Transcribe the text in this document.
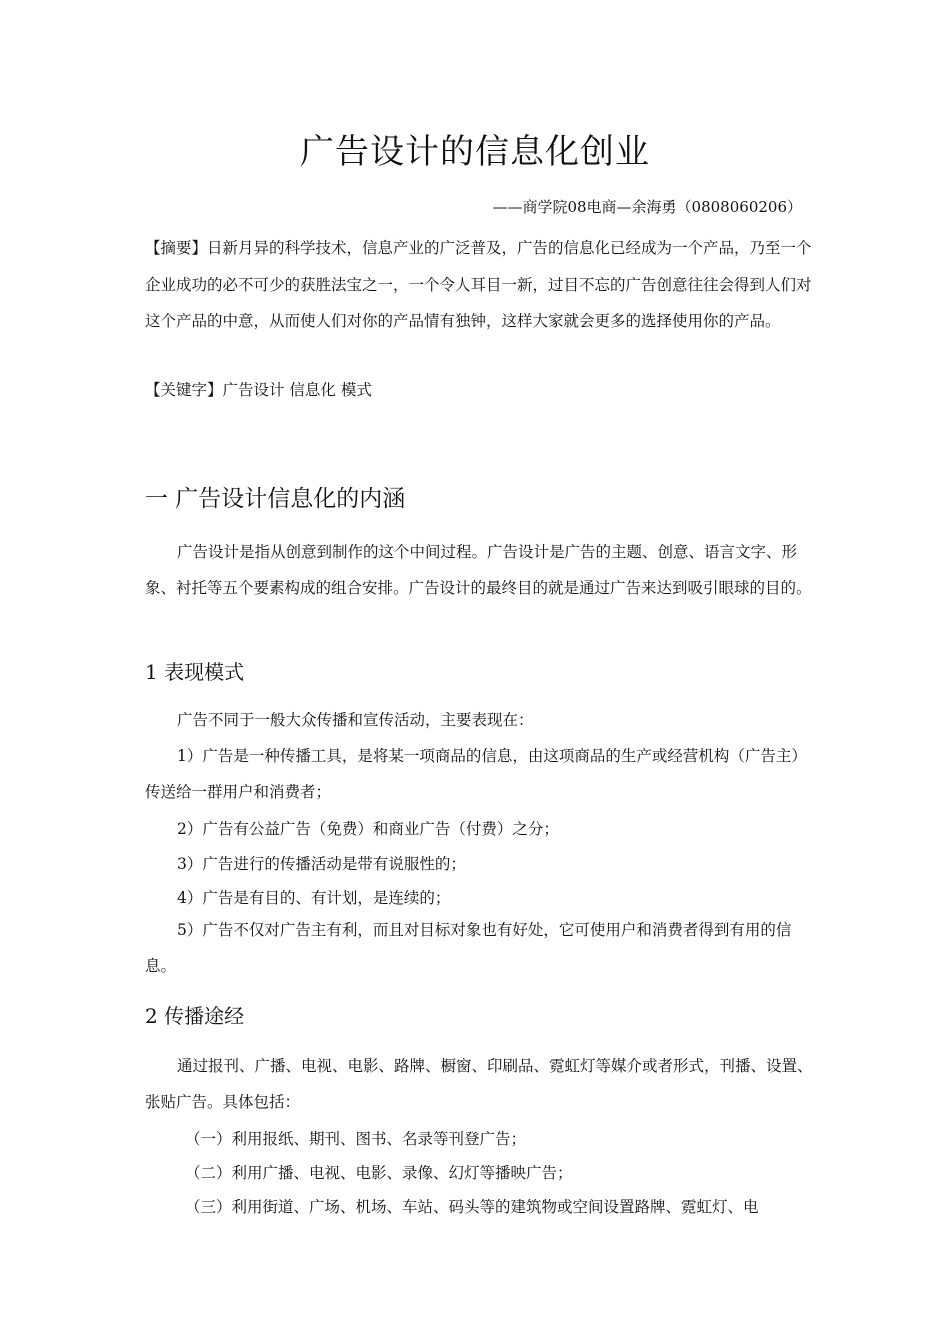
广告设计的信息化创业
——商学院08电商—余海勇（0808060206）

【摘要】日新月异的科学技术，信息产业的广泛普及，广告的信息化已经成为一个产品，乃至一个企业成功的必不可少的获胜法宝之一，一个令人耳目一新，过目不忘的广告创意往往会得到人们对这个产品的中意，从而使人们对你的产品情有独钟，这样大家就会更多的选择使用你的产品。

【关键字】广告设计 信息化 模式

一 广告设计信息化的内涵

广告设计是指从创意到制作的这个中间过程。广告设计是广告的主题、创意、语言文字、形象、衬托等五个要素构成的组合安排。广告设计的最终目的就是通过广告来达到吸引眼球的目的。

1 表现模式

广告不同于一般大众传播和宣传活动，主要表现在：

1）广告是一种传播工具，是将某一项商品的信息，由这项商品的生产或经营机构（广告主）传送给一群用户和消费者；

2）广告有公益广告（免费）和商业广告（付费）之分；

3）广告进行的传播活动是带有说服性的；

4）广告是有目的、有计划，是连续的；

5）广告不仅对广告主有利，而且对目标对象也有好处，它可使用户和消费者得到有用的信息。

2 传播途经

通过报刊、广播、电视、电影、路牌、橱窗、印刷品、霓虹灯等媒介或者形式，刊播、设置、张贴广告。具体包括：

（一）利用报纸、期刊、图书、名录等刊登广告；

（二）利用广播、电视、电影、录像、幻灯等播映广告；

（三）利用街道、广场、机场、车站、码头等的建筑物或空间设置路牌、霓虹灯、电
